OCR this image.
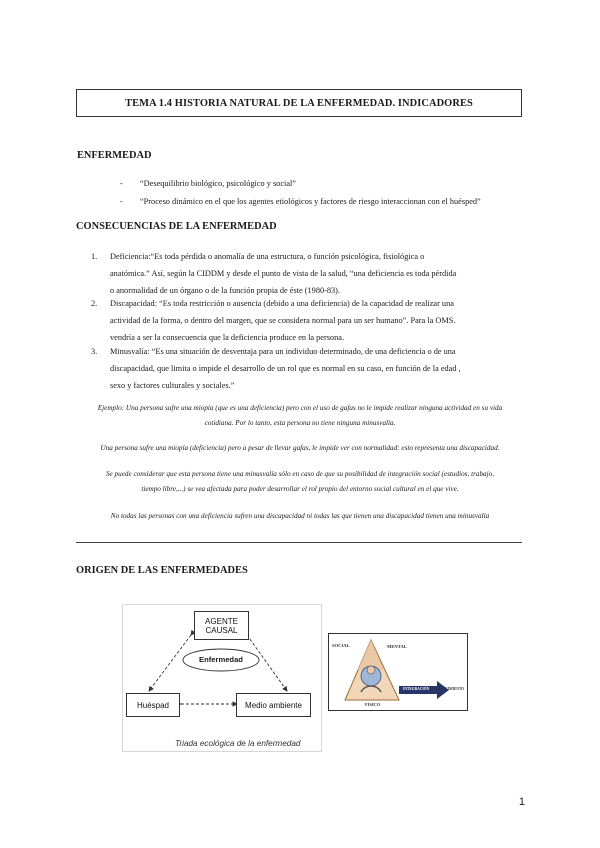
TEMA 1.4 HISTORIA NATURAL DE LA ENFERMEDAD. INDICADORES
ENFERMEDAD
- “Desequilibrio biológico, psicológico y social”
- “Proceso dinámico en el que los agentes etiológicos y factores de riesgo interaccionan con el huésped”
CONSECUENCIAS DE LA ENFERMEDAD
1. Deficiencia:“Es toda pérdida o anomalía de una estructura, o función psicológica, fisiológica o
anatómica.” Así, según la CIDDM y desde el punto de vista de la salud, “una deficiencia es toda pérdida
o anormalidad de un órgano o de la función propia de éste (1980-83).
2. Discapacidad: “Es toda restricción o ausencia (debido a una deficiencia) de la capacidad de realizar una
actividad de la forma, o dentro del margen, que se considera normal para un ser humano”. Para la OMS.
vendría a ser la consecuencia que la deficiencia produce en la persona.
3. Minusvalía: “Es una situación de desventaja para un individuo determinado, de una deficiencia o de una
discapacidad, que limita o impide el desarrollo de un rol que es normal en su caso, en función de la edad ,
sexo y factores culturales y sociales.”
Ejemplo: Una persona sufre una miopía (que es una deficiencia) pero con el uso de gafas no le impide realizar ninguna actividad en su vida
cotidiana. Por lo tanto, esta persona no tiene ninguna minusvalía.
Una persona sufre una miopía (deficiencia) pero a pesar de llevar gafas, le impide ver con normalidad: esto representa una discapacidad.
Se puede considerar que esta persona tiene una minusvalía sólo en caso de que su posibilidad de integración social (estudios, trabajo,
tiempo libre,...) se vea afectada para poder desarrollar el rol propio del entorno social cultural en el que vive.
No todas las personas con una deficiencia sufren una discapacidad ni todas las que tienen una discapacidad tienen una minusvalía
ORIGEN DE LAS ENFERMEDADES
AGENTE
CAUSAL
Enfermedad
Huéspad	Medio ambiente
Triada ecológica de la enfermedad
SOCIAL	MENTAL
FISICO
INTEGRACIÓN ENVEJECIMIENTO
1
